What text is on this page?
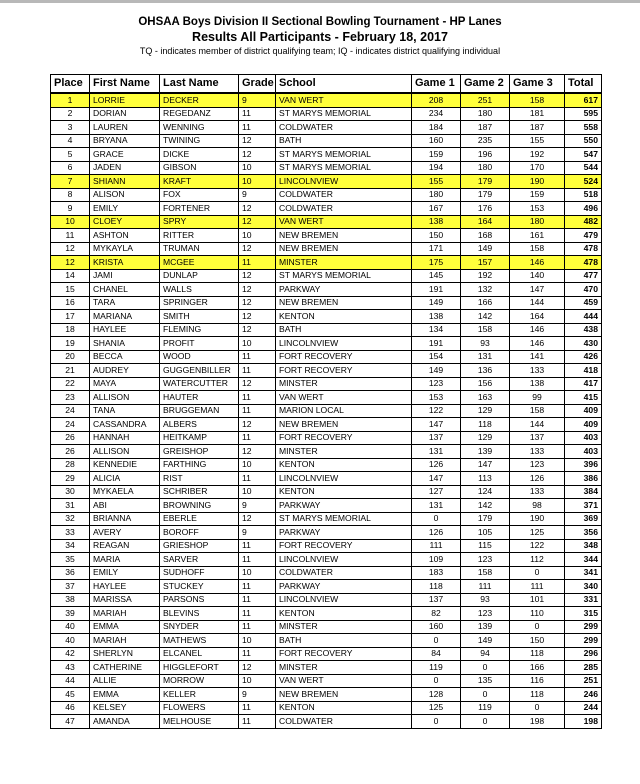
OHSAA Boys Division II Sectional Bowling Tournament - HP Lanes
Results All Participants - February 18, 2017
TQ - indicates member of district qualifying team; IQ - indicates district qualifying individual
Place	First Name	Last Name	Grade	School	Game 1	Game 2	Game 3	Total
1	LORRIE	DECKER	9	VAN WERT	208	251	158	617
2	DORIAN	REGEDANZ	11	ST MARYS MEMORIAL	234	180	181	595
3	LAUREN	WENNING	11	COLDWATER	184	187	187	558
4	BRYANA	TWINING	12	BATH	160	235	155	550
5	GRACE	DICKE	12	ST MARYS MEMORIAL	159	196	192	547
6	JADEN	GIBSON	10	ST MARYS MEMORIAL	194	180	170	544
7	SHIANN	KRAFT	10	LINCOLNVIEW	155	179	190	524
8	ALISON	FOX	9	COLDWATER	180	179	159	518
9	EMILY	FORTENER	12	COLDWATER	167	176	153	496
10	CLOEY	SPRY	12	VAN WERT	138	164	180	482
11	ASHTON	RITTER	10	NEW BREMEN	150	168	161	479
12	MYKAYLA	TRUMAN	12	NEW BREMEN	171	149	158	478
12	KRISTA	MCGEE	11	MINSTER	175	157	146	478
14	JAMI	DUNLAP	12	ST MARYS MEMORIAL	145	192	140	477
15	CHANEL	WALLS	12	PARKWAY	191	132	147	470
16	TARA	SPRINGER	12	NEW BREMEN	149	166	144	459
17	MARIANA	SMITH	12	KENTON	138	142	164	444
18	HAYLEE	FLEMING	12	BATH	134	158	146	438
19	SHANIA	PROFIT	10	LINCOLNVIEW	191	93	146	430
20	BECCA	WOOD	11	FORT RECOVERY	154	131	141	426
21	AUDREY	GUGGENBILLER	11	FORT RECOVERY	149	136	133	418
22	MAYA	WATERCUTTER	12	MINSTER	123	156	138	417
23	ALLISON	HAUTER	11	VAN WERT	153	163	99	415
24	TANA	BRUGGEMAN	11	MARION LOCAL	122	129	158	409
24	CASSANDRA	ALBERS	12	NEW BREMEN	147	118	144	409
26	HANNAH	HEITKAMP	11	FORT RECOVERY	137	129	137	403
26	ALLISON	GREISHOP	12	MINSTER	131	139	133	403
28	KENNEDIE	FARTHING	10	KENTON	126	147	123	396
29	ALICIA	RIST	11	LINCOLNVIEW	147	113	126	386
30	MYKAELA	SCHRIBER	10	KENTON	127	124	133	384
31	ABI	BROWNING	9	PARKWAY	131	142	98	371
32	BRIANNA	EBERLE	12	ST MARYS MEMORIAL	0	179	190	369
33	AVERY	BOROFF	9	PARKWAY	126	105	125	356
34	REAGAN	GRIESHOP	11	FORT RECOVERY	111	115	122	348
35	MARIA	SARVER	11	LINCOLNVIEW	109	123	112	344
36	EMILY	SUDHOFF	10	COLDWATER	183	158	0	341
37	HAYLEE	STUCKEY	11	PARKWAY	118	111	111	340
38	MARISSA	PARSONS	11	LINCOLNVIEW	137	93	101	331
39	MARIAH	BLEVINS	11	KENTON	82	123	110	315
40	EMMA	SNYDER	11	MINSTER	160	139	0	299
40	MARIAH	MATHEWS	10	BATH	0	149	150	299
42	SHERLYN	ELCANEL	11	FORT RECOVERY	84	94	118	296
43	CATHERINE	HIGGLEFORT	12	MINSTER	119	0	166	285
44	ALLIE	MORROW	10	VAN WERT	0	135	116	251
45	EMMA	KELLER	9	NEW BREMEN	128	0	118	246
46	KELSEY	FLOWERS	11	KENTON	125	119	0	244
47	AMANDA	MELHOUSE	11	COLDWATER	0	0	198	198
